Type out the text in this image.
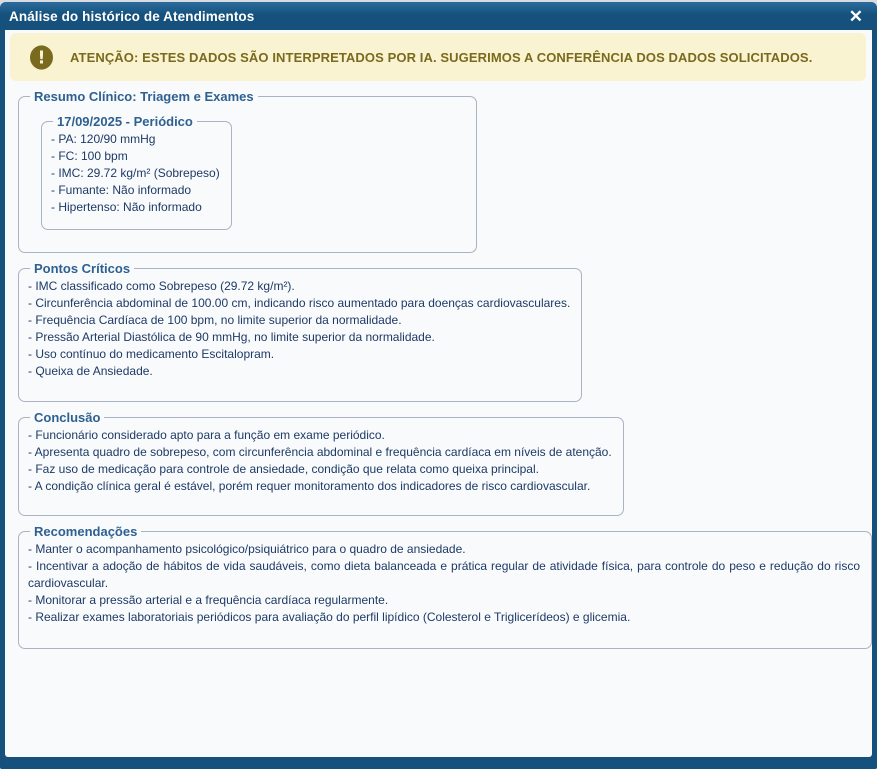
Análise do histórico de Atendimentos	✕
!	ATENÇÃO: ESTES DADOS SÃO INTERPRETADOS POR IA. SUGERIMOS A CONFERÊNCIA DOS DADOS SOLICITADOS.
Resumo Clínico: Triagem e Exames
17/09/2025 - Periódico
- PA: 120/90 mmHg
- FC: 100 bpm
- IMC: 29.72 kg/m² (Sobrepeso)
- Fumante: Não informado
- Hipertenso: Não informado
Pontos Críticos
- IMC classificado como Sobrepeso (29.72 kg/m²).
- Circunferência abdominal de 100.00 cm, indicando risco aumentado para doenças cardiovasculares.
- Frequência Cardíaca de 100 bpm, no limite superior da normalidade.
- Pressão Arterial Diastólica de 90 mmHg, no limite superior da normalidade.
- Uso contínuo do medicamento Escitalopram.
- Queixa de Ansiedade.
Conclusão
- Funcionário considerado apto para a função em exame periódico.
- Apresenta quadro de sobrepeso, com circunferência abdominal e frequência cardíaca em níveis de atenção.
- Faz uso de medicação para controle de ansiedade, condição que relata como queixa principal.
- A condição clínica geral é estável, porém requer monitoramento dos indicadores de risco cardiovascular.
Recomendações
- Manter o acompanhamento psicológico/psiquiátrico para o quadro de ansiedade.
- Incentivar a adoção de hábitos de vida saudáveis, como dieta balanceada e prática regular de atividade física, para controle do peso e redução do risco cardiovascular.
- Monitorar a pressão arterial e a frequência cardíaca regularmente.
- Realizar exames laboratoriais periódicos para avaliação do perfil lipídico (Colesterol e Triglicerídeos) e glicemia.
